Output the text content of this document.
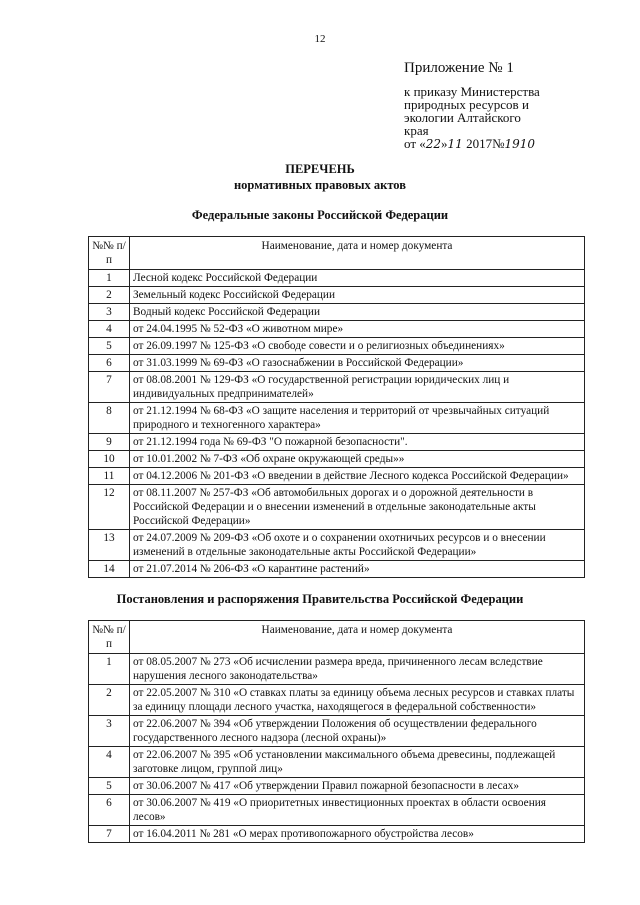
12
Приложение № 1
к приказу Министерства
природных ресурсов и
экологии Алтайского
края
от «22»11 2017№1910
ПЕРЕЧЕНЬ
нормативных правовых актов
Федеральные законы Российской Федерации
№№ п/п	Наименование, дата и номер документа
1	Лесной кодекс Российской Федерации
2	Земельный кодекс Российской Федерации
3	Водный кодекс Российской Федерации
4	от 24.04.1995 № 52-ФЗ «О животном мире»
5	от 26.09.1997 № 125-ФЗ «О свободе совести и о религиозных объединениях»
6	от 31.03.1999 № 69-ФЗ «О газоснабжении в Российской Федерации»
7	от 08.08.2001 № 129-ФЗ «О государственной регистрации юридических лиц и индивидуальных предпринимателей»
8	от 21.12.1994 № 68-ФЗ «О защите населения и территорий от чрезвычайных ситуаций природного и техногенного характера»
9	от 21.12.1994 года № 69-ФЗ "О пожарной безопасности".
10	от 10.01.2002 № 7-ФЗ «Об охране окружающей среды»»
11	от 04.12.2006 № 201-ФЗ «О введении в действие Лесного кодекса Российской Федерации»
12	от 08.11.2007 № 257-ФЗ «Об автомобильных дорогах и о дорожной деятельности в Российской Федерации и о внесении изменений в отдельные законодательные акты Российской Федерации»
13	от 24.07.2009 № 209-ФЗ «Об охоте и о сохранении охотничьих ресурсов и о внесении изменений в отдельные законодательные акты Российской Федерации»
14	от 21.07.2014 № 206-ФЗ «О карантине растений»
Постановления и распоряжения Правительства Российской Федерации
№№ п/п	Наименование, дата и номер документа
1	от 08.05.2007 № 273 «Об исчислении размера вреда, причиненного лесам вследствие нарушения лесного законодательства»
2	от 22.05.2007 № 310 «О ставках платы за единицу объема лесных ресурсов и ставках платы за единицу площади лесного участка, находящегося в федеральной собственности»
3	от 22.06.2007 № 394 «Об утверждении Положения об осуществлении федерального государственного лесного надзора (лесной охраны)»
4	от 22.06.2007 № 395 «Об установлении максимального объема древесины, подлежащей заготовке лицом, группой лиц»
5	от 30.06.2007 № 417 «Об утверждении Правил пожарной безопасности в лесах»
6	от 30.06.2007 № 419 «О приоритетных инвестиционных проектах в области освоения лесов»
7	от 16.04.2011 № 281 «О мерах противопожарного обустройства лесов»
